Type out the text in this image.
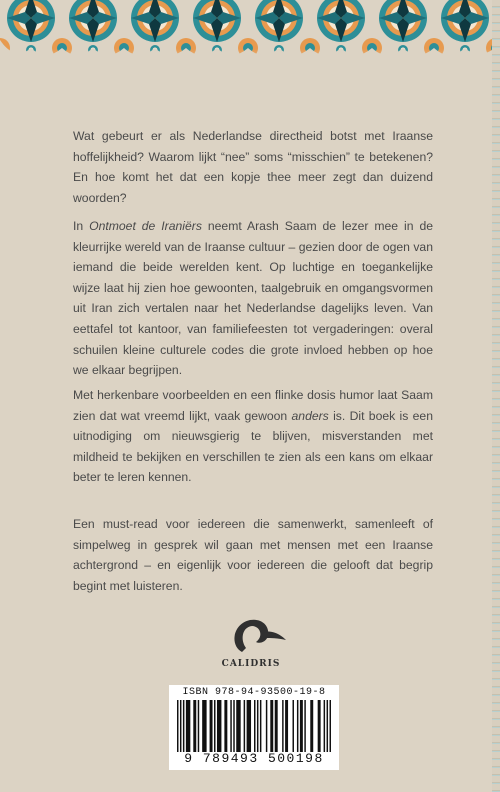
Wat gebeurt er als Nederlandse directheid botst met Iraanse hoffelijkheid? Waarom lijkt “nee” soms “misschien” te betekenen? En hoe komt het dat een kopje thee meer zegt dan duizend woorden?
In Ontmoet de Iraniërs neemt Arash Saam de lezer mee in de kleurrijke wereld van de Iraanse cultuur – gezien door de ogen van iemand die beide werelden kent. Op luchtige en toegankelijke wijze laat hij zien hoe gewoonten, taalgebruik en omgangsvormen uit Iran zich vertalen naar het Nederlandse dagelijks leven. Van eettafel tot kantoor, van familiefeesten tot vergaderingen: overal schuilen kleine culturele codes die grote invloed hebben op hoe we elkaar begrijpen.
Met herkenbare voorbeelden en een flinke dosis humor laat Saam zien dat wat vreemd lijkt, vaak gewoon anders is. Dit boek is een uitnodiging om nieuwsgierig te blijven, misverstanden met mildheid te bekijken en verschillen te zien als een kans om elkaar beter te leren kennen.
Een must-read voor iedereen die samenwerkt, samenleeft of simpelweg in gesprek wil gaan met mensen met een Iraanse achtergrond – en eigenlijk voor iedereen die gelooft dat begrip begint met luisteren.
CALIDRIS
ISBN 978-94-93500-19-8
9 789493 500198
